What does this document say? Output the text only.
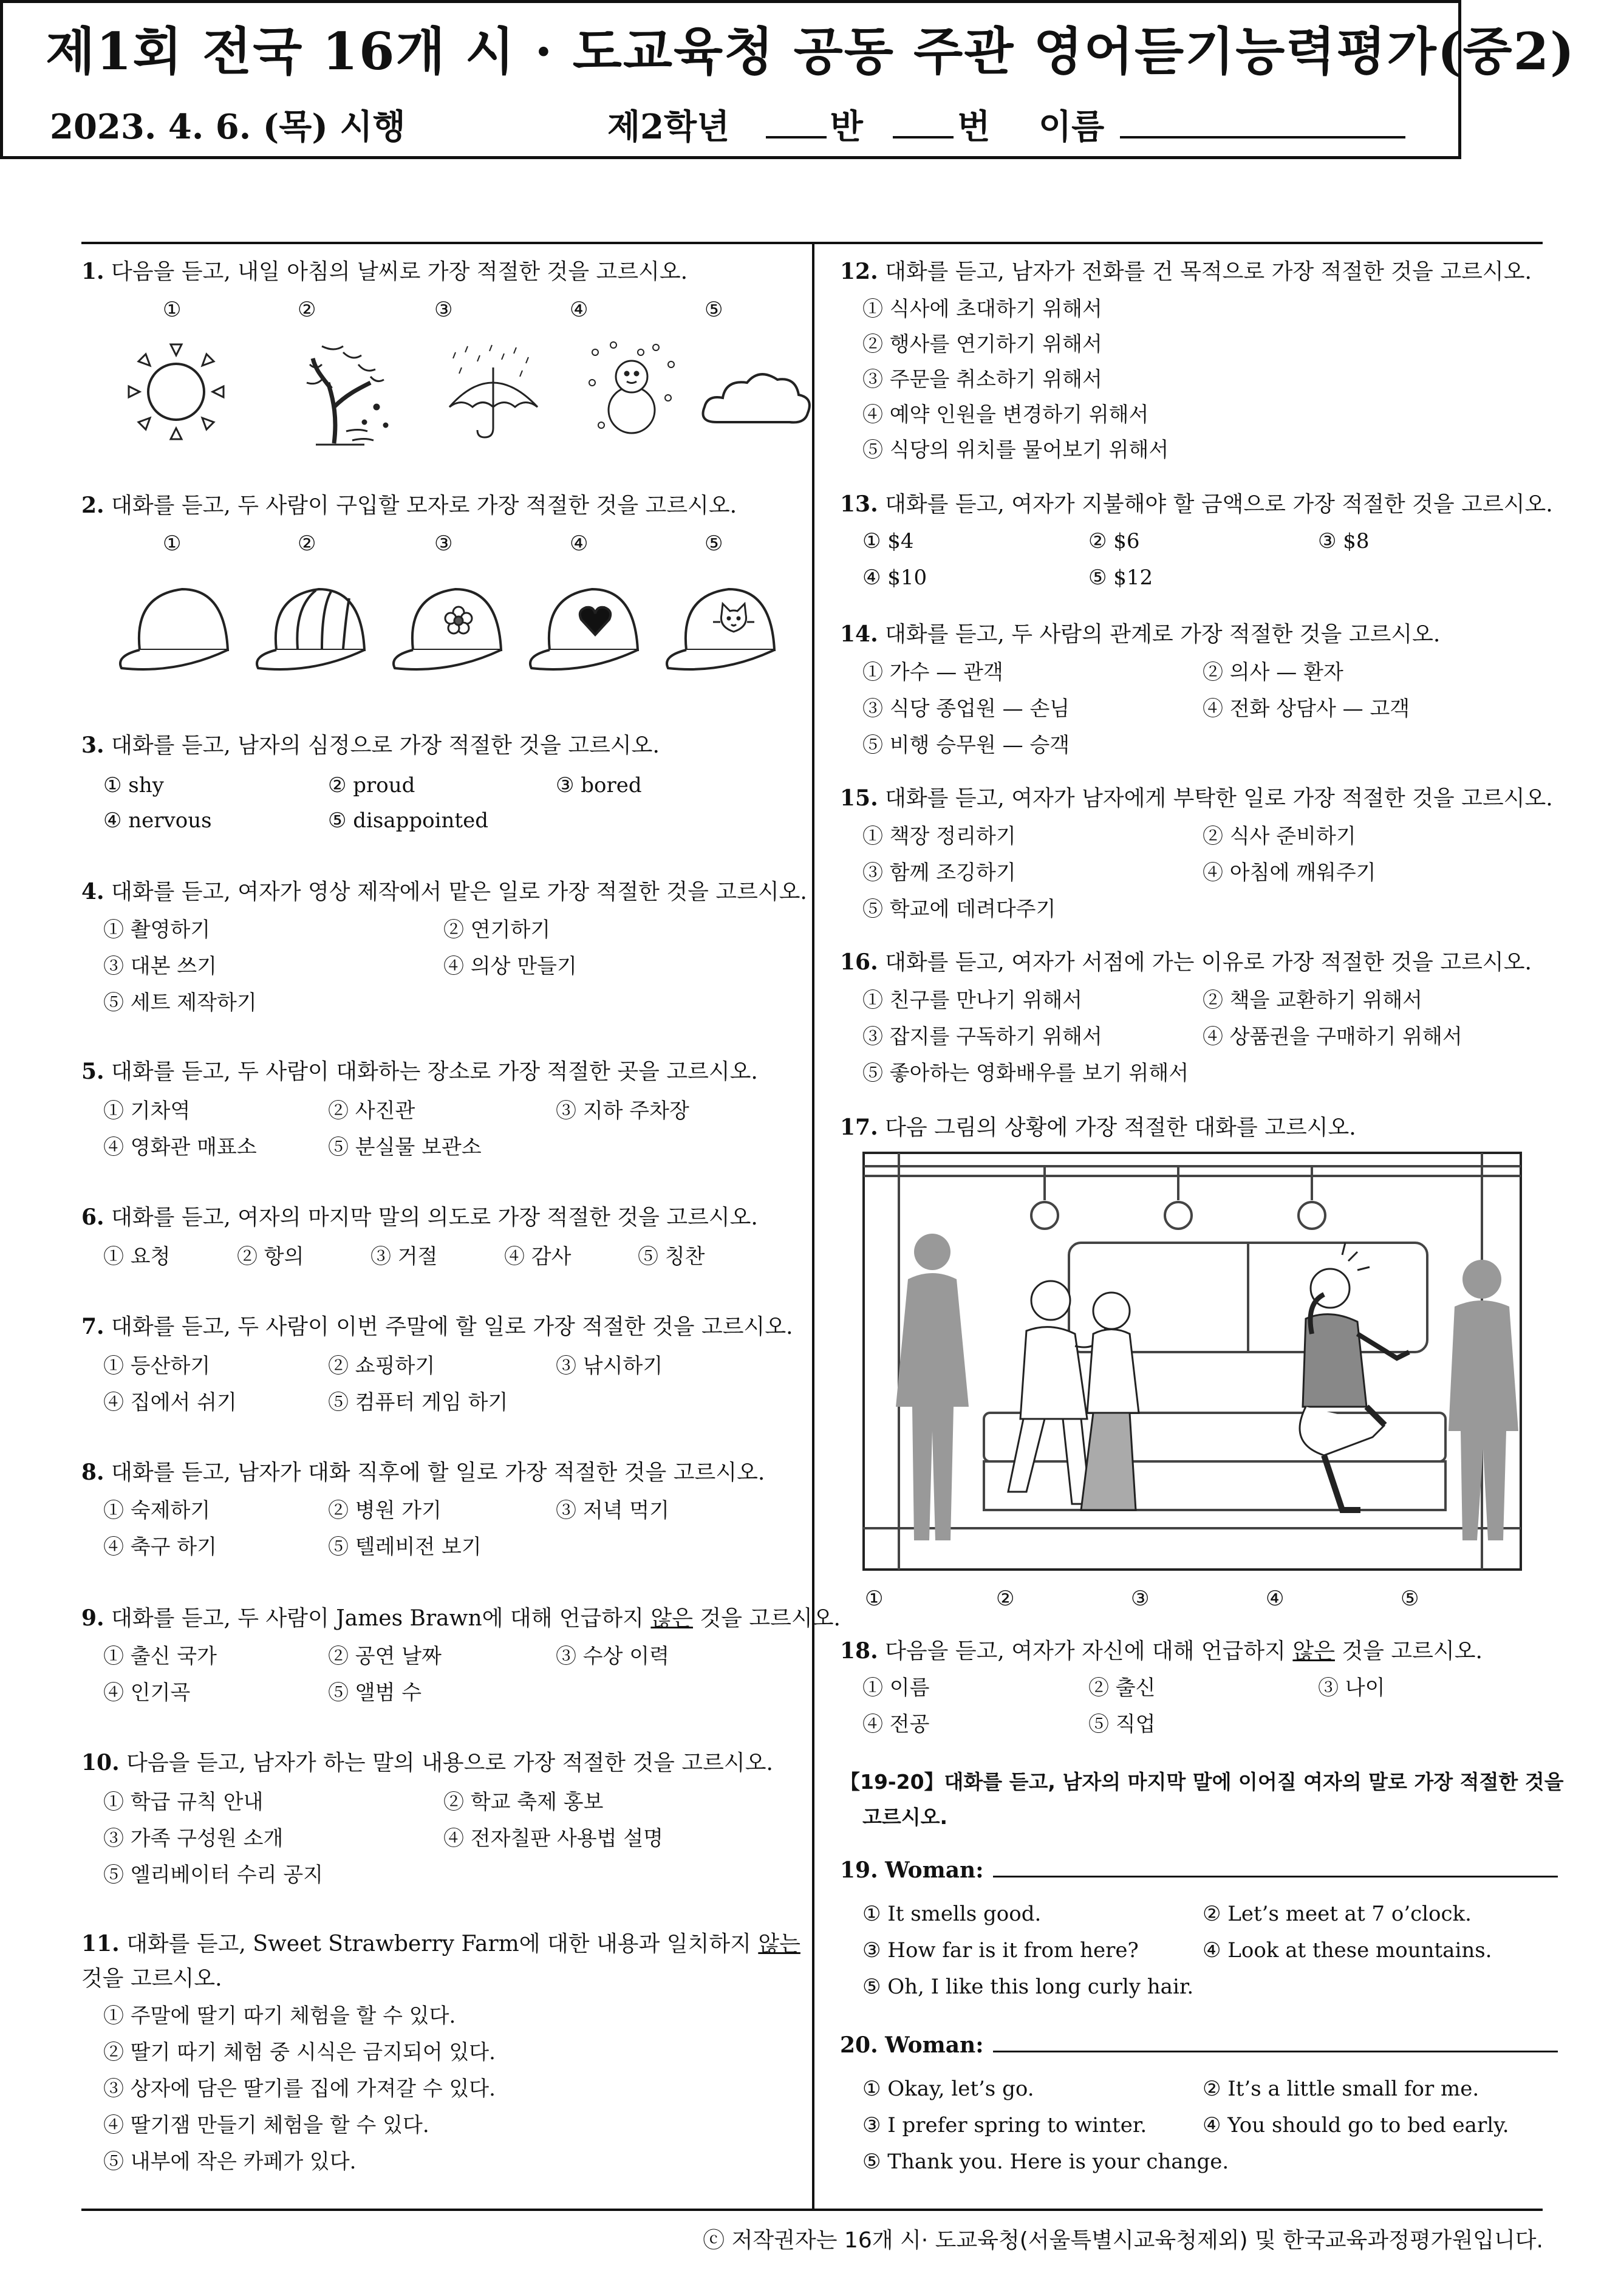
제1회 전국 16개 시 · 도교육청 공동 주관 영어듣기능력평가(중2)
2023. 4. 6. (목) 시행	제2학년	반	번 이름
1. 다음을 듣고, 내일 아침의 날씨로 가장 적절한 것을 고르시오.
①	②	③	④	⑤
2. 대화를 듣고, 두 사람이 구입할 모자로 가장 적절한 것을 고르시오.
①	②	③	④	⑤
3. 대화를 듣고, 남자의 심정으로 가장 적절한 것을 고르시오.
① shy	② proud	③ bored
④ nervous	⑤ disappointed
4. 대화를 듣고, 여자가 영상 제작에서 맡은 일로 가장 적절한 것을 고르시오.
① 촬영하기	② 연기하기
③ 대본 쓰기	④ 의상 만들기
⑤ 세트 제작하기
5. 대화를 듣고, 두 사람이 대화하는 장소로 가장 적절한 곳을 고르시오.
① 기차역	② 사진관	③ 지하 주차장
④ 영화관 매표소	⑤ 분실물 보관소
6. 대화를 듣고, 여자의 마지막 말의 의도로 가장 적절한 것을 고르시오.
① 요청	② 항의	③ 거절	④ 감사	⑤ 칭찬
7. 대화를 듣고, 두 사람이 이번 주말에 할 일로 가장 적절한 것을 고르시오.
① 등산하기	② 쇼핑하기	③ 낚시하기
④ 집에서 쉬기	⑤ 컴퓨터 게임 하기
8. 대화를 듣고, 남자가 대화 직후에 할 일로 가장 적절한 것을 고르시오.
① 숙제하기	② 병원 가기	③ 저녁 먹기
④ 축구 하기	⑤ 텔레비전 보기
9. 대화를 듣고, 두 사람이 James Brawn에 대해 언급하지 않은 것을 고르시오.
① 출신 국가	② 공연 날짜	③ 수상 이력
④ 인기곡	⑤ 앨범 수
10. 다음을 듣고, 남자가 하는 말의 내용으로 가장 적절한 것을 고르시오.
① 학급 규칙 안내	② 학교 축제 홍보
③ 가족 구성원 소개	④ 전자칠판 사용법 설명
⑤ 엘리베이터 수리 공지
11. 대화를 듣고, Sweet Strawberry Farm에 대한 내용과 일치하지 않는
것을 고르시오.
① 주말에 딸기 따기 체험을 할 수 있다.
② 딸기 따기 체험 중 시식은 금지되어 있다.
③ 상자에 담은 딸기를 집에 가져갈 수 있다.
④ 딸기잼 만들기 체험을 할 수 있다.
⑤ 내부에 작은 카페가 있다.
12. 대화를 듣고, 남자가 전화를 건 목적으로 가장 적절한 것을 고르시오.
① 식사에 초대하기 위해서
② 행사를 연기하기 위해서
③ 주문을 취소하기 위해서
④ 예약 인원을 변경하기 위해서
⑤ 식당의 위치를 물어보기 위해서
13. 대화를 듣고, 여자가 지불해야 할 금액으로 가장 적절한 것을 고르시오.
① $4	② $6	③ $8
④ $10	⑤ $12
14. 대화를 듣고, 두 사람의 관계로 가장 적절한 것을 고르시오.
① 가수 — 관객	② 의사 — 환자
③ 식당 종업원 — 손님	④ 전화 상담사 — 고객
⑤ 비행 승무원 — 승객
15. 대화를 듣고, 여자가 남자에게 부탁한 일로 가장 적절한 것을 고르시오.
① 책장 정리하기	② 식사 준비하기
③ 함께 조깅하기	④ 아침에 깨워주기
⑤ 학교에 데려다주기
16. 대화를 듣고, 여자가 서점에 가는 이유로 가장 적절한 것을 고르시오.
① 친구를 만나기 위해서	② 책을 교환하기 위해서
③ 잡지를 구독하기 위해서	④ 상품권을 구매하기 위해서
⑤ 좋아하는 영화배우를 보기 위해서
17. 다음 그림의 상황에 가장 적절한 대화를 고르시오.
①	②	③	④	⑤
18. 다음을 듣고, 여자가 자신에 대해 언급하지 않은 것을 고르시오.
① 이름	② 출신	③ 나이
④ 전공	⑤ 직업
【19-20】대화를 듣고, 남자의 마지막 말에 이어질 여자의 말로 가장 적절한 것을
고르시오.
19. Woman:
① It smells good.	② Let’s meet at 7 o’clock.
③ How far is it from here?	④ Look at these mountains.
⑤ Oh, I like this long curly hair.
20. Woman:
① Okay, let’s go.	② It’s a little small for me.
③ I prefer spring to winter.	④ You should go to bed early.
⑤ Thank you. Here is your change.
ⓒ 저작권자는 16개 시· 도교육청(서울특별시교육청제외) 및 한국교육과정평가원입니다.
